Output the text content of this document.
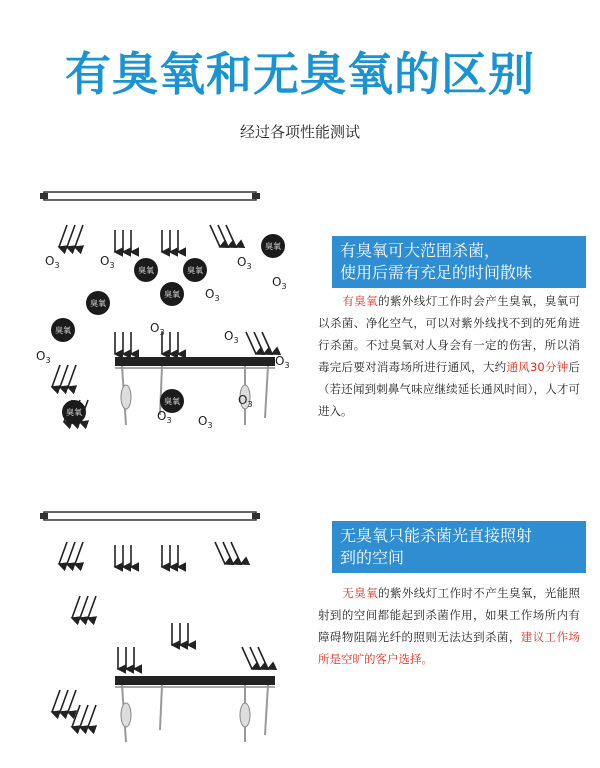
有臭氧和无臭氧的区别
经过各项性能测试
臭氧
臭氧	臭氧
臭氧
臭氧
臭氧
臭氧
臭氧
$O_3$	$O_3$	$O_3$
$O_3$
$O_3$
$O_3$	$O_3$
$O_3$	$O_3$
$O_3$ $O_3$
$O_3$
有臭氧可大范围杀菌，
使用后需有充足的时间散味
有臭氧的紫外线灯工作时会产生臭氧，臭氧可以杀菌、净化空气，可以对紫外线找不到的死角进行杀菌。不过臭氧对人身会有一定的伤害，所以消毒完后要对消毒场所进行通风，大约通风30分钟后（若还闻到刺鼻气味应继续延长通风时间），人才可进入。
无臭氧只能杀菌光直接照射
到的空间
无臭氧的紫外线灯工作时不产生臭氧，光能照射到的空间都能起到杀菌作用，如果工作场所内有障碍物阻隔光纤的照则无法达到杀菌，建议工作场所是空旷的客户选择。
